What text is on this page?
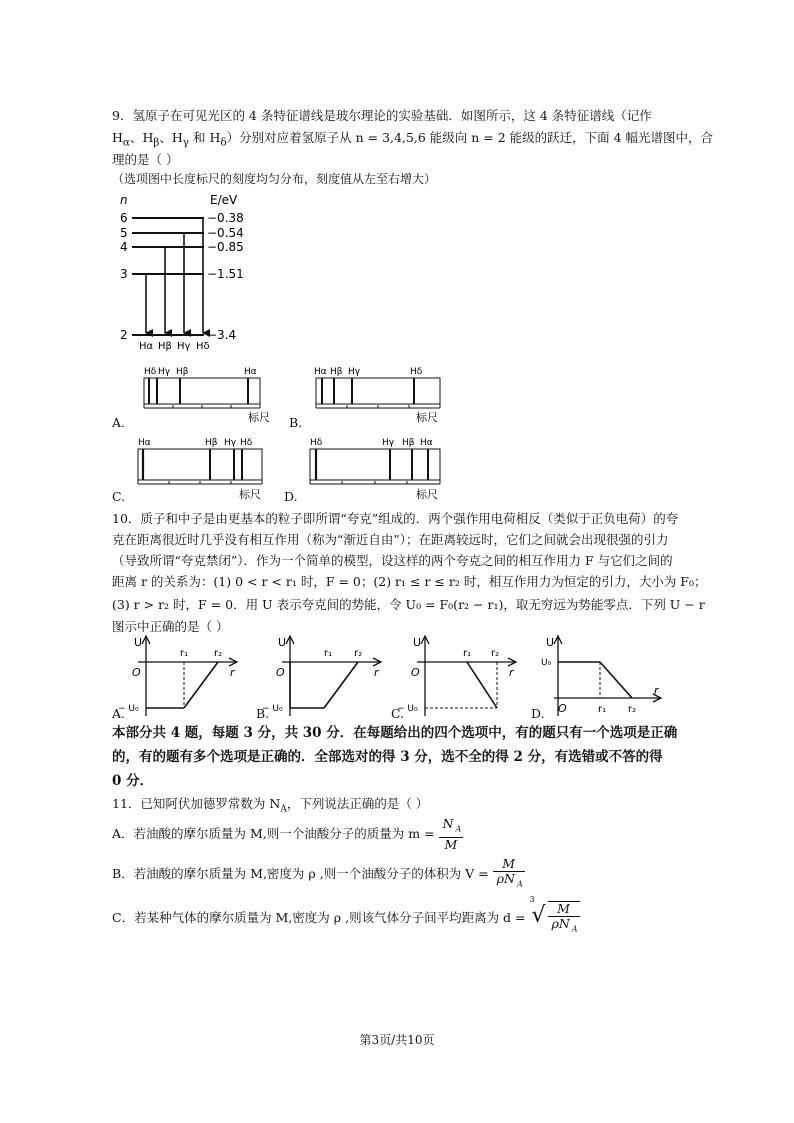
9．氢原子在可见光区的 4 条特征谱线是玻尔理论的实验基础．如图所示，这 4 条特征谱线（记作
$H_\alpha$、$H_\beta$、$H_\gamma$ 和 $H_\delta$）分别对应着氢原子从 n = 3,4,5,6 能级向 n = 2 能级的跃迁，下面 4 幅光谱图中，合
理的是（ ）
（选项图中长度标尺的刻度均匀分布，刻度值从左至右增大）
n	E/eV
6
5
4
3
2
−0.38
−0.54
−0.85
−1.51
−3.4
Hα Hβ Hγ Hδ
A.
Hδ Hγ Hβ	Hα
标尺 B.
Hα Hβ Hγ	Hδ
标尺
C.
Hα	Hβ Hγ Hδ
标尺 D.
Hδ	Hγ Hβ Hα
标尺
10．质子和中子是由更基本的粒子即所谓“夸克”组成的．两个强作用电荷相反（类似于正负电荷）的夸
克在距离很近时几乎没有相互作用（称为“渐近自由”）；在距离较远时，它们之间就会出现很强的引力
（导致所谓“夸克禁闭”）．作为一个简单的模型，设这样的两个夸克之间的相互作用力 F 与它们之间的
距离 r 的关系为：(1) 0 < r < r₁ 时，F = 0；(2) r₁ ≤ r ≤ r₂ 时，相互作用力为恒定的引力，大小为 F₀；
(3) r > r₂ 时，F = 0．用 U 表示夸克间的势能，令 U₀ = F₀(r₂ − r₁)，取无穷远为势能零点．下列 U − r
图示中正确的是（ ）
A.
U
O	r
r₁	r₂
− U₀	B.
U
O	r
r₁ r₂
− U₀	C.
U
O	r
r₁ r₂
− U₀	D.
U
O
r
r₁ r₂
U₀
本部分共 4 题，每题 3 分，共 30 分．在每题给出的四个选项中，有的题只有一个选项是正确
的，有的题有多个选项是正确的．全部选对的得 3 分，选不全的得 2 分，有选错或不答的得
0 分．
11．已知阿伏加德罗常数为 $N_A$，下列说法正确的是（ ）
A．若油酸的摩尔质量为 M,则一个油酸分子的质量为 $m = \frac{N _A}{M}$
B．若油酸的摩尔质量为 M,密度为 ρ ,则一个油酸分子的体积为 $V = \frac{M}{\rho N _A}$
C．若某种气体的摩尔质量为 M,密度为 ρ ,则该气体分子间平均距离为 d =
3
√ $\frac{M}{\rho N _A}$
第3页/共10页
